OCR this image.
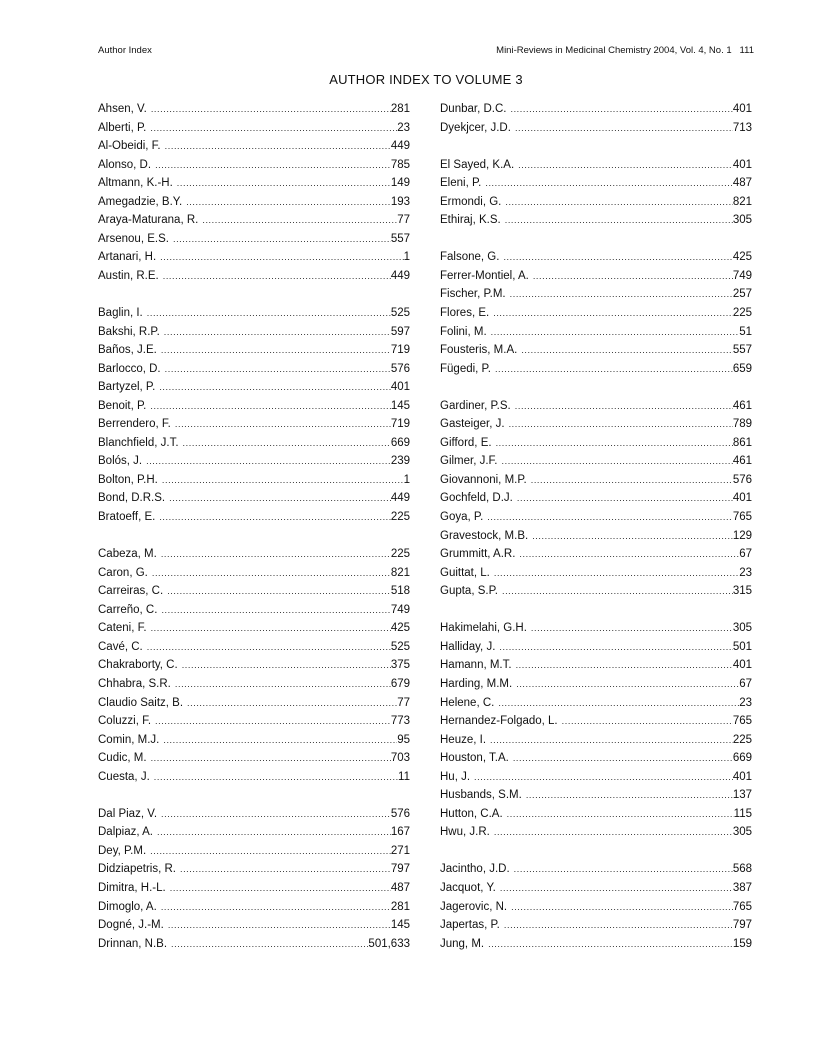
Author Index	Mini-Reviews in Medicinal Chemistry 2004, Vol. 4, No. 1   111
AUTHOR INDEX TO VOLUME 3
Ahsen, V. .....	281
Alberti, P. .....	23
Al-Obeidi, F. .....	449
Alonso, D. .....	785
Altmann, K.-H. .....	149
Amegadzie, B.Y. .....	193
Araya-Maturana, R. .....	77
Arsenou, E.S. .....	557
Artanari, H. .....	1
Austin, R.E. .....	449
Baglin, I. .....	525
Bakshi, R.P. .....	597
Baños, J.E. .....	719
Barlocco, D. .....	576
Bartyzel, P. .....	401
Benoit, P. .....	145
Berrendero, F. .....	719
Blanchfield, J.T. .....	669
Bolós, J. .....	239
Bolton, P.H. .....	1
Bond, D.R.S. .....	449
Bratoeff, E. .....	225
Cabeza, M. .....	225
Caron, G. .....	821
Carreiras, C. .....	518
Carreño, C. .....	749
Cateni, F. .....	425
Cavé, C. .....	525
Chakraborty, C. .....	375
Chhabra, S.R. .....	679
Claudio Saitz, B. .....	77
Coluzzi, F. .....	773
Comin, M.J. .....	95
Cudic, M. .....	703
Cuesta, J. .....	11
Dal Piaz, V. .....	576
Dalpiaz, A. .....	167
Dey, P.M. .....	271
Didziapetris, R. .....	797
Dimitra, H.-L. .....	487
Dimoglo, A. .....	281
Dogné, J.-M. .....	145
Drinnan, N.B. .....	501,633
Dunbar, D.C. .....	401
Dyekjcer, J.D. .....	713
El Sayed, K.A. .....	401
Eleni, P. .....	487
Ermondi, G. .....	821
Ethiraj, K.S. .....	305
Falsone, G. .....	425
Ferrer-Montiel, A. .....	749
Fischer, P.M. .....	257
Flores, E. .....	225
Folini, M. .....	51
Fousteris, M.A. .....	557
Fügedi, P. .....	659
Gardiner, P.S. .....	461
Gasteiger, J. .....	789
Gifford, E. .....	861
Gilmer, J.F. .....	461
Giovannoni, M.P. .....	576
Gochfeld, D.J. .....	401
Goya, P. .....	765
Gravestock, M.B. .....	129
Grummitt, A.R. .....	67
Guittat, L. .....	23
Gupta, S.P. .....	315
Hakimelahi, G.H. .....	305
Halliday, J. .....	501
Hamann, M.T. .....	401
Harding, M.M. .....	67
Helene, C. .....	23
Hernandez-Folgado, L. .....	765
Heuze, I. .....	225
Houston, T.A. .....	669
Hu, J. .....	401
Husbands, S.M. .....	137
Hutton, C.A. .....	115
Hwu, J.R. .....	305
Jacintho, J.D. .....	568
Jacquot, Y. .....	387
Jagerovic, N. .....	765
Japertas, P. .....	797
Jung, M. .....	159
